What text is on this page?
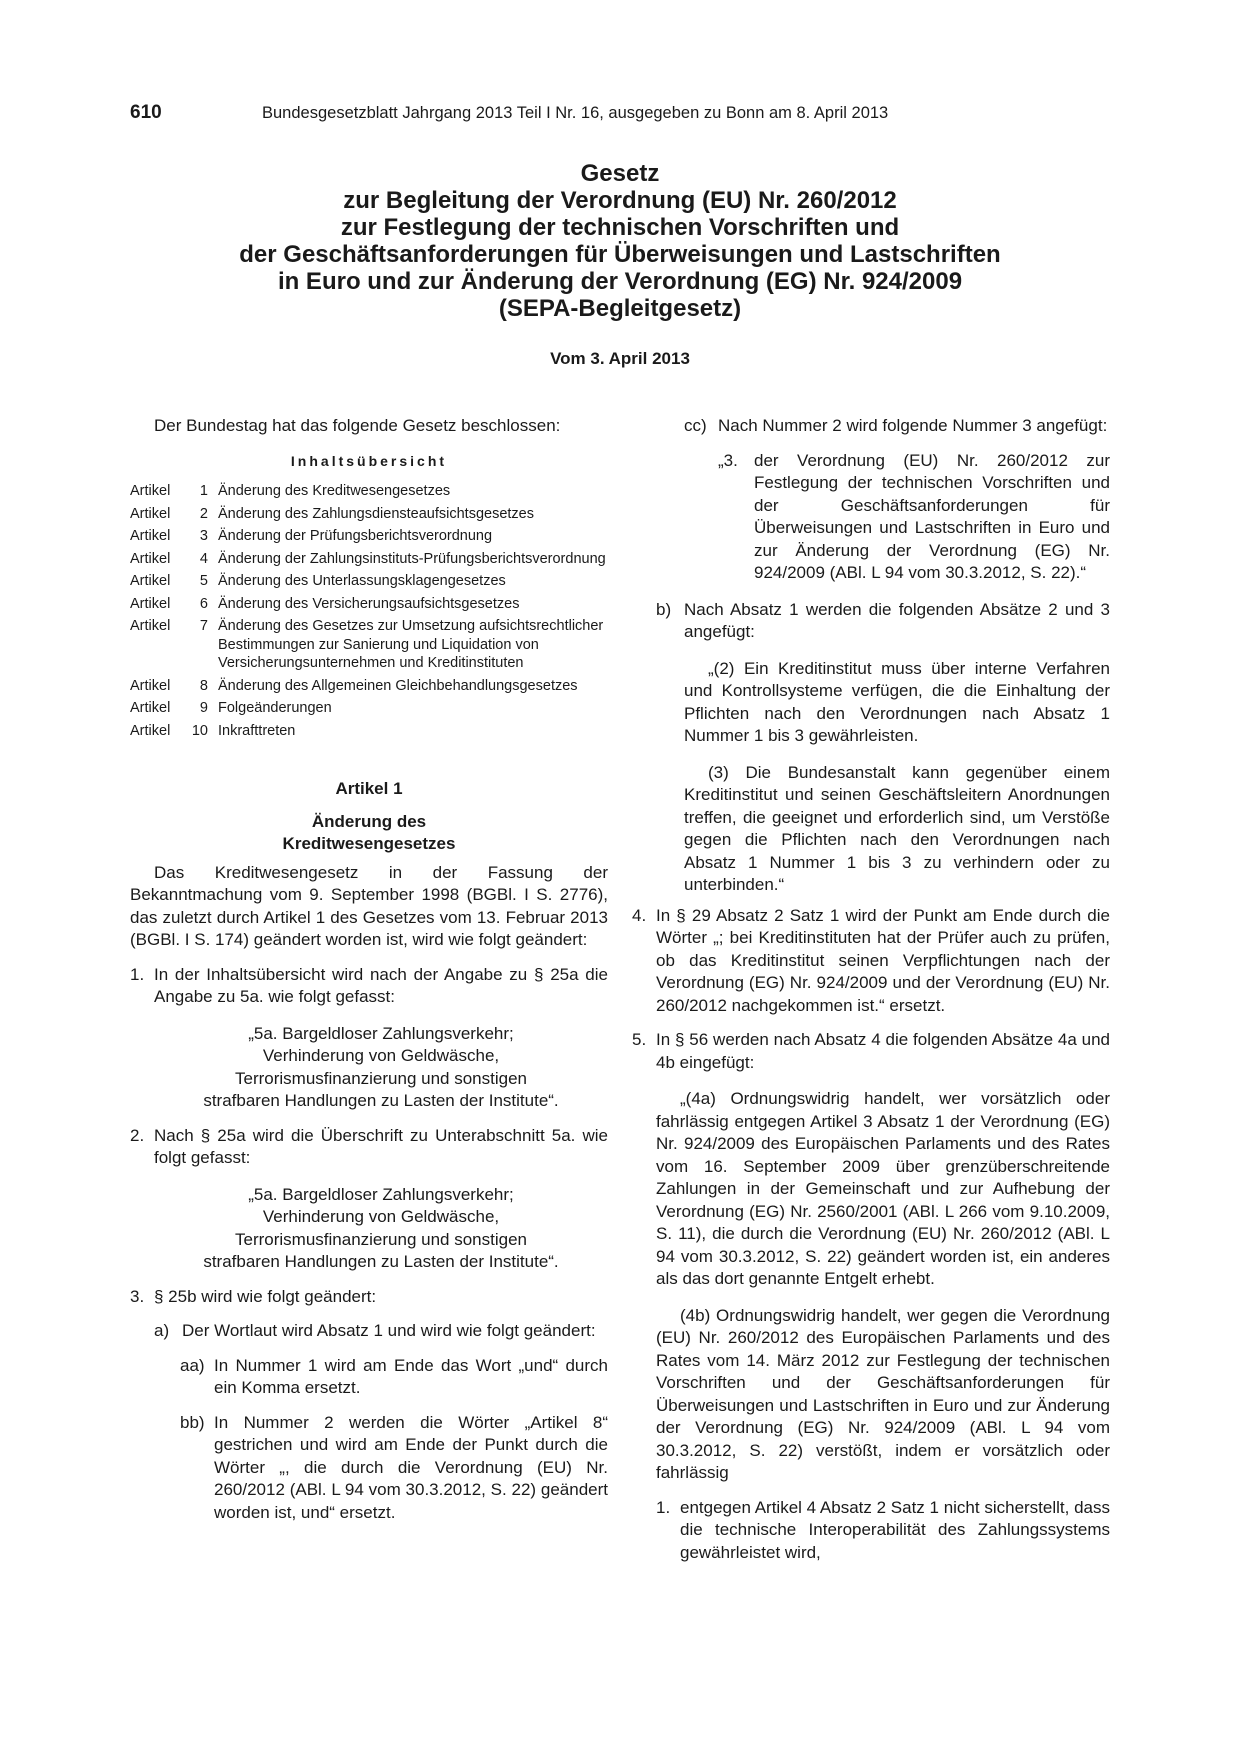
610	Bundesgesetzblatt Jahrgang 2013 Teil I Nr. 16, ausgegeben zu Bonn am 8. April 2013
Gesetz
zur Begleitung der Verordnung (EU) Nr. 260/2012
zur Festlegung der technischen Vorschriften und
der Geschäftsanforderungen für Überweisungen und Lastschriften
in Euro und zur Änderung der Verordnung (EG) Nr. 924/2009
(SEPA-Begleitgesetz)
Vom 3. April 2013

Der Bundestag hat das folgende Gesetz beschlossen:

Inhaltsübersicht
Artikel	1	Änderung des Kreditwesengesetzes
Artikel	2	Änderung des Zahlungsdiensteaufsichtsgesetzes
Artikel	3	Änderung der Prüfungsberichtsverordnung
Artikel	4	Änderung der Zahlungsinstituts-Prüfungsberichtsverordnung
Artikel	5	Änderung des Unterlassungsklagengesetzes
Artikel	6	Änderung des Versicherungsaufsichtsgesetzes
Artikel	7	Änderung des Gesetzes zur Umsetzung aufsichtsrechtlicher Bestimmungen zur Sanierung und Liquidation von Versicherungsunternehmen und Kreditinstituten
Artikel	8	Änderung des Allgemeinen Gleichbehandlungsgesetzes
Artikel	9	Folgeänderungen
Artikel	10	Inkrafttreten
Artikel 1
Änderung des
Kreditwesengesetzes

Das Kreditwesengesetz in der Fassung der Bekanntmachung vom 9. September 1998 (BGBl. I S. 2776), das zuletzt durch Artikel 1 des Gesetzes vom 13. Februar 2013 (BGBl. I S. 174) geändert worden ist, wird wie folgt geändert:

1. In der Inhaltsübersicht wird nach der Angabe zu § 25a die Angabe zu 5a. wie folgt gefasst:
„5a. Bargeldloser Zahlungsverkehr;
Verhinderung von Geldwäsche,
Terrorismusfinanzierung und sonstigen
strafbaren Handlungen zu Lasten der Institute“.
2. Nach § 25a wird die Überschrift zu Unterabschnitt 5a. wie folgt gefasst:
„5a. Bargeldloser Zahlungsverkehr;
Verhinderung von Geldwäsche,
Terrorismusfinanzierung und sonstigen
strafbaren Handlungen zu Lasten der Institute“.
3. § 25b wird wie folgt geändert:
a) Der Wortlaut wird Absatz 1 und wird wie folgt geändert:
aa) In Nummer 1 wird am Ende das Wort „und“ durch ein Komma ersetzt.
bb) In Nummer 2 werden die Wörter „Artikel 8“ gestrichen und wird am Ende der Punkt durch die Wörter „, die durch die Verordnung (EU) Nr. 260/2012 (ABl. L 94 vom 30.3.2012, S. 22) geändert worden ist, und“ ersetzt.
cc) Nach Nummer 2 wird folgende Nummer 3 angefügt:
„3. der Verordnung (EU) Nr. 260/2012 zur Festlegung der technischen Vorschriften und der Geschäftsanforderungen für Überweisungen und Lastschriften in Euro und zur Änderung der Verordnung (EG) Nr. 924/2009 (ABl. L 94 vom 30.3.2012, S. 22).“
b) Nach Absatz 1 werden die folgenden Absätze 2 und 3 angefügt:

„(2) Ein Kreditinstitut muss über interne Verfahren und Kontrollsysteme verfügen, die die Einhaltung der Pflichten nach den Verordnungen nach Absatz 1 Nummer 1 bis 3 gewährleisten.

(3) Die Bundesanstalt kann gegenüber einem Kreditinstitut und seinen Geschäftsleitern Anordnungen treffen, die geeignet und erforderlich sind, um Verstöße gegen die Pflichten nach den Verordnungen nach Absatz 1 Nummer 1 bis 3 zu verhindern oder zu unterbinden.“

4. In § 29 Absatz 2 Satz 1 wird der Punkt am Ende durch die Wörter „; bei Kreditinstituten hat der Prüfer auch zu prüfen, ob das Kreditinstitut seinen Verpflichtungen nach der Verordnung (EG) Nr. 924/2009 und der Verordnung (EU) Nr. 260/2012 nachgekommen ist.“ ersetzt.
5. In § 56 werden nach Absatz 4 die folgenden Absätze 4a und 4b eingefügt:

„(4a) Ordnungswidrig handelt, wer vorsätzlich oder fahrlässig entgegen Artikel 3 Absatz 1 der Verordnung (EG) Nr. 924/2009 des Europäischen Parlaments und des Rates vom 16. September 2009 über grenzüberschreitende Zahlungen in der Gemeinschaft und zur Aufhebung der Verordnung (EG) Nr. 2560/2001 (ABl. L 266 vom 9.10.2009, S. 11), die durch die Verordnung (EU) Nr. 260/2012 (ABl. L 94 vom 30.3.2012, S. 22) geändert worden ist, ein anderes als das dort genannte Entgelt erhebt.

(4b) Ordnungswidrig handelt, wer gegen die Verordnung (EU) Nr. 260/2012 des Europäischen Parlaments und des Rates vom 14. März 2012 zur Festlegung der technischen Vorschriften und der Geschäftsanforderungen für Überweisungen und Lastschriften in Euro und zur Änderung der Verordnung (EG) Nr. 924/2009 (ABl. L 94 vom 30.3.2012, S. 22) verstößt, indem er vorsätzlich oder fahrlässig

1. entgegen Artikel 4 Absatz 2 Satz 1 nicht sicherstellt, dass die technische Interoperabilität des Zahlungssystems gewährleistet wird,
